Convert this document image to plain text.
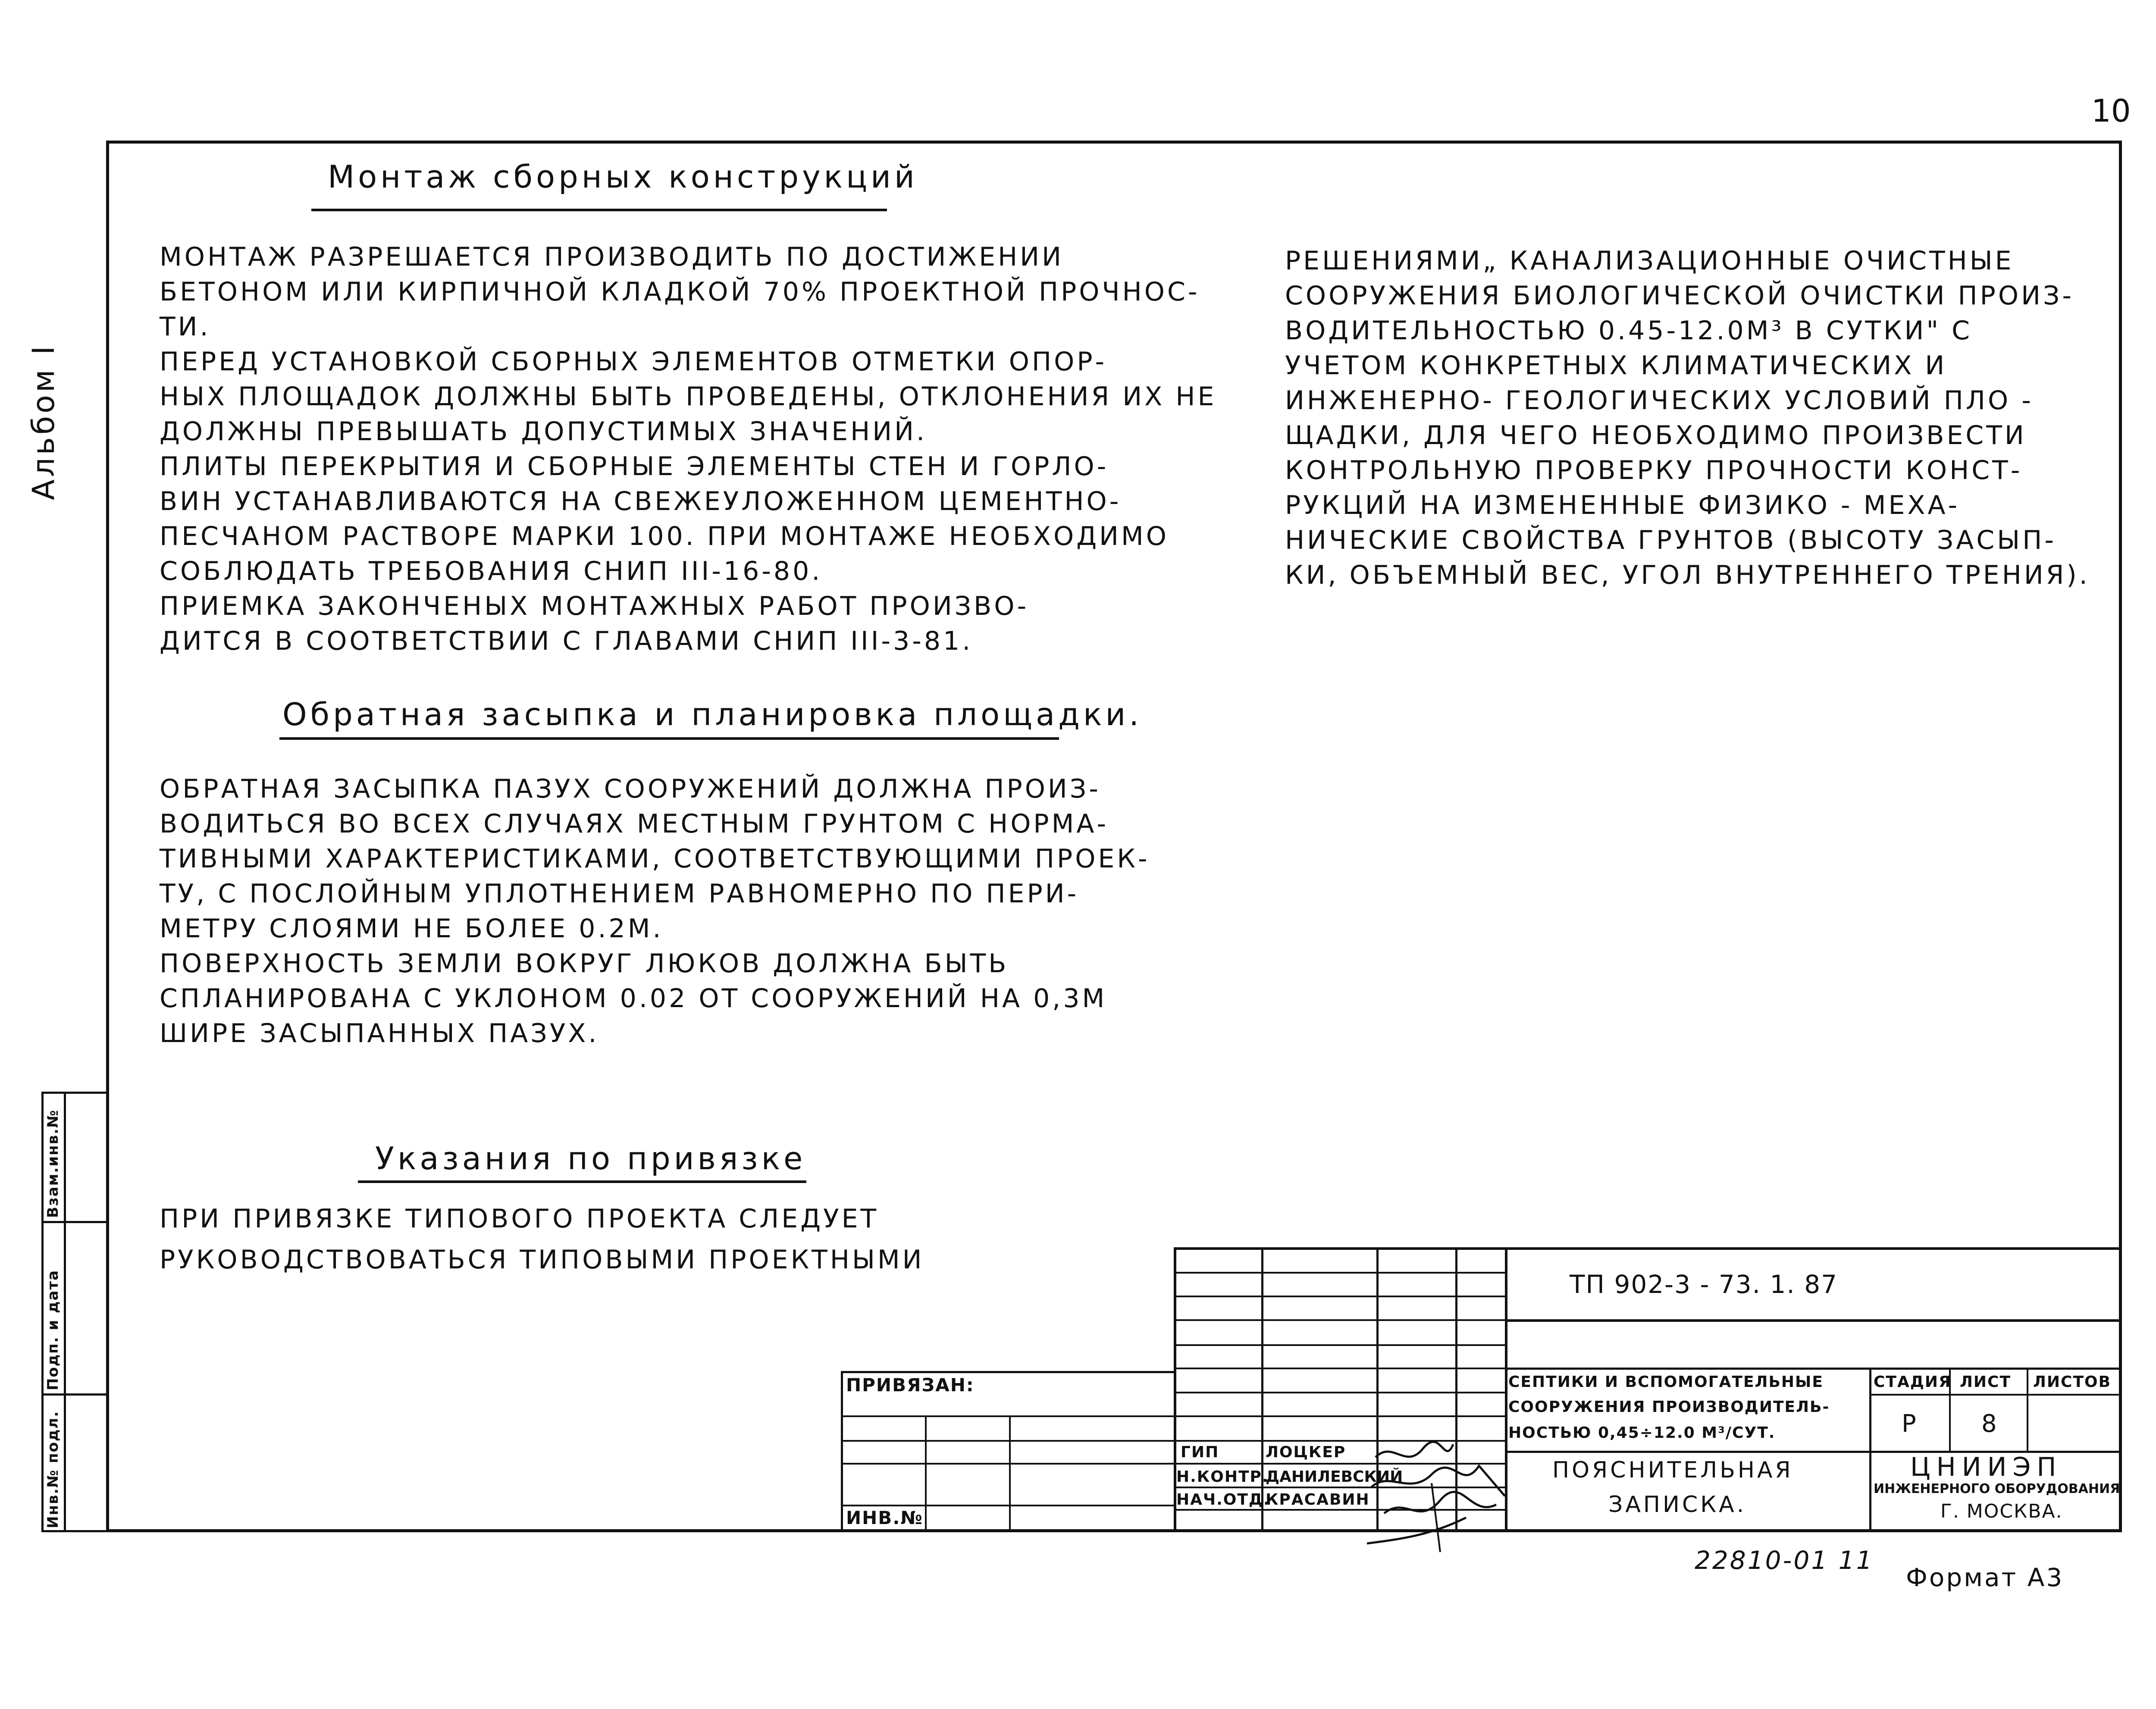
10
Альбом I
Монтаж сборных конструкций
МОНТАЖ РАЗРЕШАЕТСЯ ПРОИЗВОДИТЬ ПО ДОСТИЖЕНИИ
БЕТОНОМ ИЛИ КИРПИЧНОЙ КЛАДКОЙ 70% ПРОЕКТНОЙ ПРОЧНОС-
ТИ.
ПЕРЕД УСТАНОВКОЙ СБОРНЫХ ЭЛЕМЕНТОВ ОТМЕТКИ ОПОР-
НЫХ ПЛОЩАДОК ДОЛЖНЫ БЫТЬ ПРОВЕДЕНЫ, ОТКЛОНЕНИЯ ИХ НЕ
ДОЛЖНЫ ПРЕВЫШАТЬ ДОПУСТИМЫХ ЗНАЧЕНИЙ.
ПЛИТЫ ПЕРЕКРЫТИЯ И СБОРНЫЕ ЭЛЕМЕНТЫ СТЕН И ГОРЛО-
ВИН УСТАНАВЛИВАЮТСЯ НА СВЕЖЕУЛОЖЕННОМ ЦЕМЕНТНО-
ПЕСЧАНОМ РАСТВОРЕ МАРКИ 100. ПРИ МОНТАЖЕ НЕОБХОДИМО
СОБЛЮДАТЬ ТРЕБОВАНИЯ СНИП III-16-80.
ПРИЕМКА ЗАКОНЧЕНЫХ МОНТАЖНЫХ РАБОТ ПРОИЗВО-
ДИТСЯ В СООТВЕТСТВИИ С ГЛАВАМИ СНИП III-3-81.
Обратная засыпка и планировка площадки.
ОБРАТНАЯ ЗАСЫПКА ПАЗУХ СООРУЖЕНИЙ ДОЛЖНА ПРОИЗ-
ВОДИТЬСЯ ВО ВСЕХ СЛУЧАЯХ МЕСТНЫМ ГРУНТОМ С НОРМА-
ТИВНЫМИ ХАРАКТЕРИСТИКАМИ, СООТВЕТСТВУЮЩИМИ ПРОЕК-
ТУ, С ПОСЛОЙНЫМ УПЛОТНЕНИЕМ РАВНОМЕРНО ПО ПЕРИ-
МЕТРУ СЛОЯМИ НЕ БОЛЕЕ 0.2М.
ПОВЕРХНОСТЬ ЗЕМЛИ ВОКРУГ ЛЮКОВ ДОЛЖНА БЫТЬ
СПЛАНИРОВАНА С УКЛОНОМ 0.02 ОТ СООРУЖЕНИЙ НА 0,3М
ШИРЕ ЗАСЫПАННЫХ ПАЗУХ.
РЕШЕНИЯМИ„ КАНАЛИЗАЦИОННЫЕ ОЧИСТНЫЕ
СООРУЖЕНИЯ БИОЛОГИЧЕСКОЙ ОЧИСТКИ ПРОИЗ-
ВОДИТЕЛЬНОСТЬЮ 0.45-12.0М³ В СУТКИ" С
УЧЕТОМ КОНКРЕТНЫХ КЛИМАТИЧЕСКИХ И
ИНЖЕНЕРНО- ГЕОЛОГИЧЕСКИХ УСЛОВИЙ ПЛО -
ЩАДКИ, ДЛЯ ЧЕГО НЕОБХОДИМО ПРОИЗВЕСТИ
КОНТРОЛЬНУЮ ПРОВЕРКУ ПРОЧНОСТИ КОНСТ-
РУКЦИЙ НА ИЗМЕНЕННЫЕ ФИЗИКО - МЕХА-
НИЧЕСКИЕ СВОЙСТВА ГРУНТОВ (ВЫСОТУ ЗАСЫП-
КИ, ОБЪЕМНЫЙ ВЕС, УГОЛ ВНУТРЕННЕГО ТРЕНИЯ).
Указания по привязке
ПРИ ПРИВЯЗКЕ ТИПОВОГО ПРОЕКТА СЛЕДУЕТ
РУКОВОДСТВОВАТЬСЯ ТИПОВЫМИ ПРОЕКТНЫМИ
Взам.инв.№
Подп. и дата
Инв.№ подл.
ТП 902-3 - 73. 1. 87
ПРИВЯЗАН:
ИНВ.№
ГИП	ЛОЦКЕР
Н.КОНТР.
ДАНИЛЕВСКИЙ
НАЧ.ОТД.
КРАСАВИН
СЕПТИКИ И ВСПОМОГАТЕЛЬНЫЕ
СООРУЖЕНИЯ ПРОИЗВОДИТЕЛЬ-
НОСТЬЮ 0,45÷12.0 М³/СУТ.
ПОЯСНИТЕЛЬНАЯ
ЗАПИСКА.
СТАДИЯ ЛИСТ ЛИСТОВ
Р	8
ЦНИИЭП
ИНЖЕНЕРНОГО ОБОРУДОВАНИЯ
Г. МОСКВА.
22810-01 11
Формат А3
